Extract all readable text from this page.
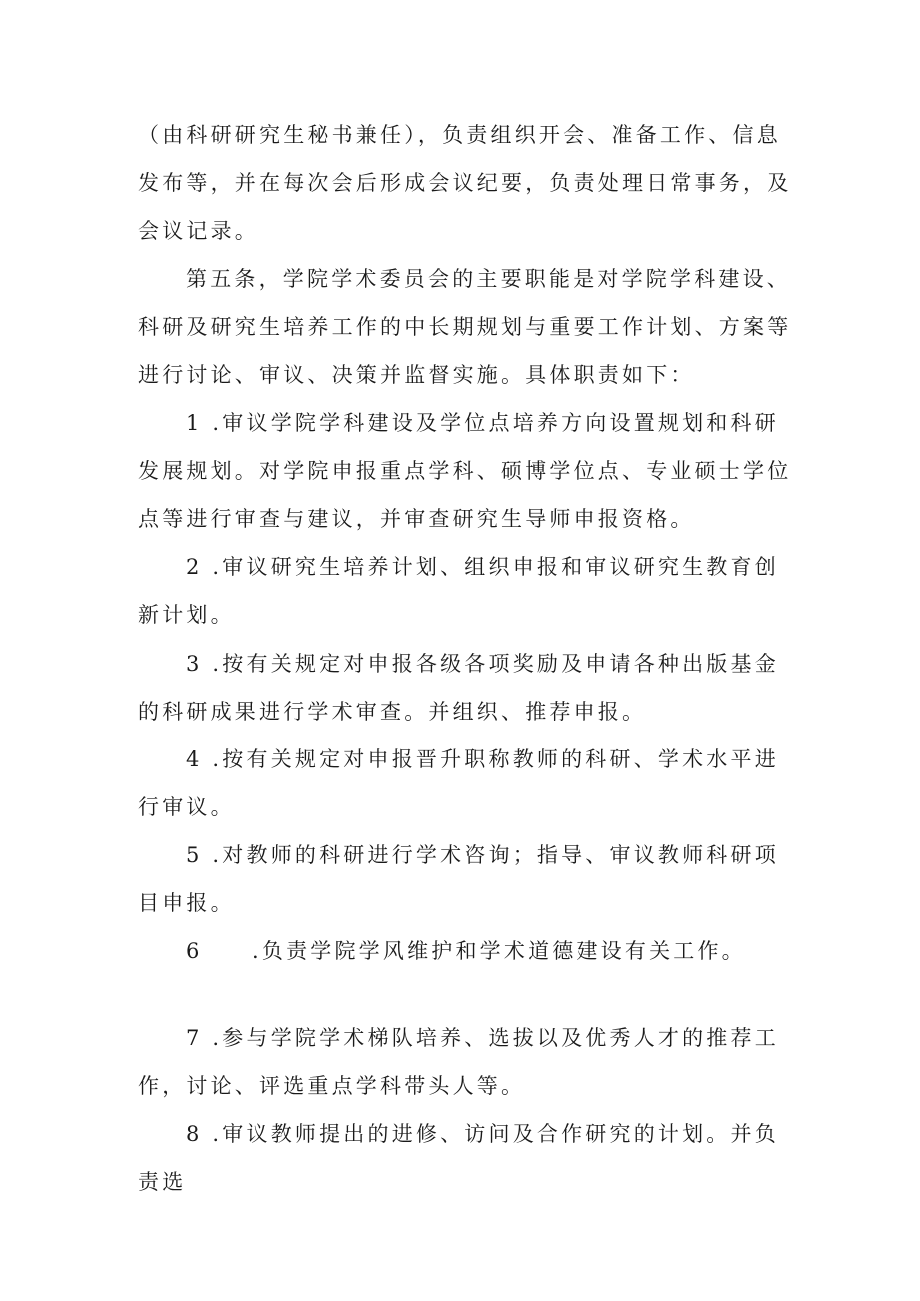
（由科研研究生秘书兼任），负责组织开会、准备工作、信息发布等，并在每次会后形成会议纪要，负责处理日常事务，及会议记录。

第五条，学院学术委员会的主要职能是对学院学科建设、科研及研究生培养工作的中长期规划与重要工作计划、方案等进行讨论、审议、决策并监督实施。具体职责如下：

1 .审议学院学科建设及学位点培养方向设置规划和科研发展规划。对学院申报重点学科、硕博学位点、专业硕士学位点等进行审查与建议，并审查研究生导师申报资格。

2 .审议研究生培养计划、组织申报和审议研究生教育创新计划。

3 .按有关规定对申报各级各项奖励及申请各种出版基金的科研成果进行学术审查。并组织、推荐申报。

4 .按有关规定对申报晋升职称教师的科研、学术水平进行审议。

5 .对教师的科研进行学术咨询；指导、审议教师科研项目申报。

6 .负责学院学风维护和学术道德建设有关工作。

7 .参与学院学术梯队培养、选拔以及优秀人才的推荐工作，讨论、评选重点学科带头人等。

8 .审议教师提出的进修、访问及合作研究的计划。并负责选
